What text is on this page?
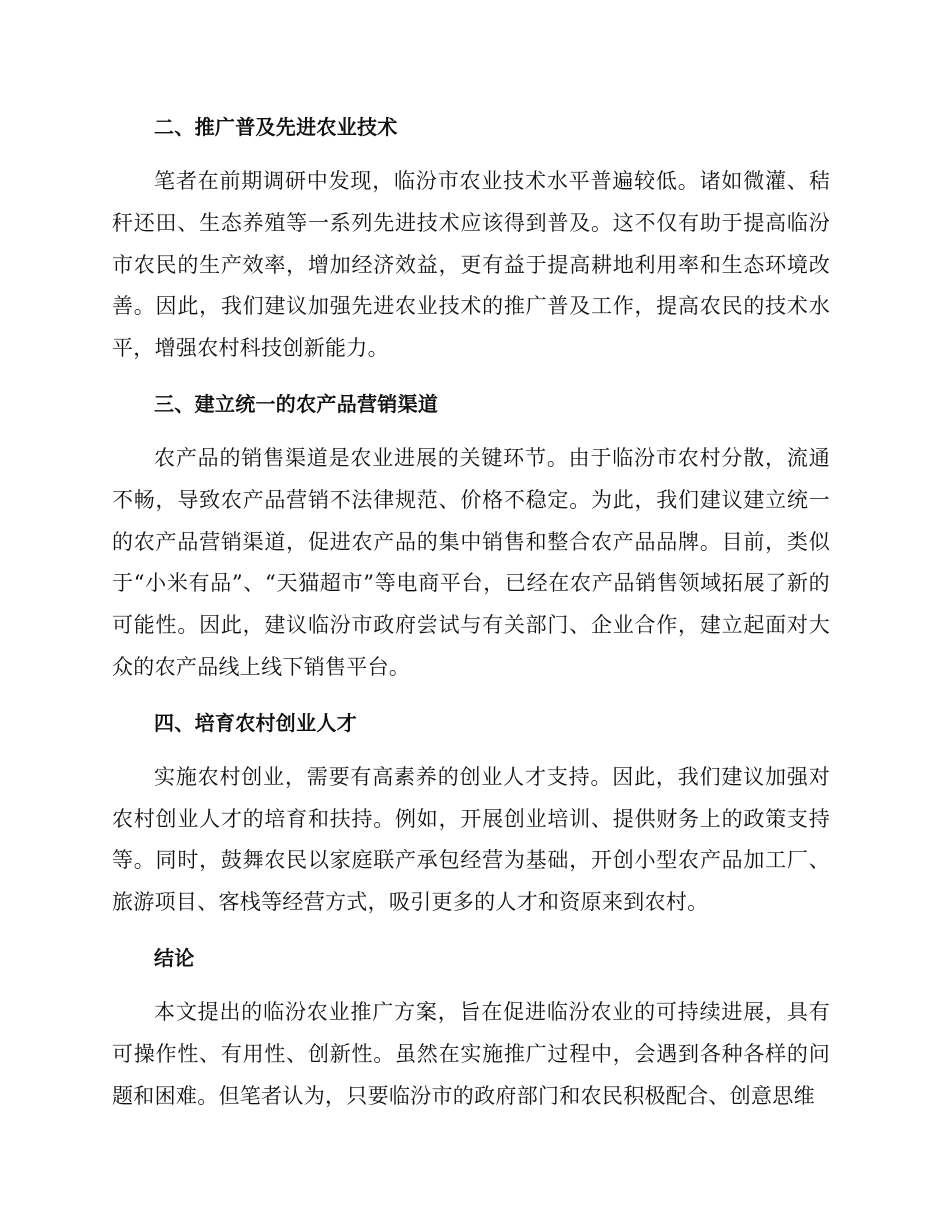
二、推广普及先进农业技术

笔者在前期调研中发现，临汾市农业技术水平普遍较低。诸如微灌、秸秆还田、生态养殖等一系列先进技术应该得到普及。这不仅有助于提高临汾市农民的生产效率，增加经济效益，更有益于提高耕地利用率和生态环境改善。因此，我们建议加强先进农业技术的推广普及工作，提高农民的技术水平，增强农村科技创新能力。

三、建立统一的农产品营销渠道

农产品的销售渠道是农业进展的关键环节。由于临汾市农村分散，流通不畅，导致农产品营销不法律规范、价格不稳定。为此，我们建议建立统一的农产品营销渠道，促进农产品的集中销售和整合农产品品牌。目前，类似于“小米有品”、“天猫超市”等电商平台，已经在农产品销售领域拓展了新的可能性。因此，建议临汾市政府尝试与有关部门、企业合作，建立起面对大众的农产品线上线下销售平台。

四、培育农村创业人才

实施农村创业，需要有高素养的创业人才支持。因此，我们建议加强对农村创业人才的培育和扶持。例如，开展创业培训、提供财务上的政策支持等。同时，鼓舞农民以家庭联产承包经营为基础，开创小型农产品加工厂、旅游项目、客栈等经营方式，吸引更多的人才和资原来到农村。

结论

本文提出的临汾农业推广方案，旨在促进临汾农业的可持续进展，具有可操作性、有用性、创新性。虽然在实施推广过程中，会遇到各种各样的问题和困难。但笔者认为，只要临汾市的政府部门和农民积极配合、创意思维
